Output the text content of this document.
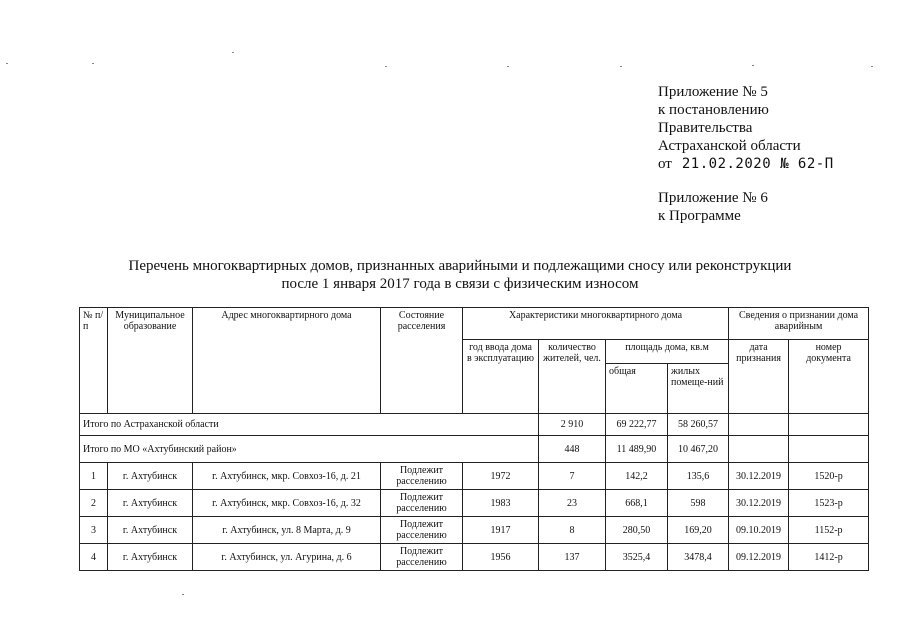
Приложение № 5
к постановлению
Правительства
Астраханской области
от 21.02.2020 № 62-П
Приложение № 6
к Программе
Перечень многоквартирных домов, признанных аварийными и подлежащими сносу или реконструкции
после 1 января 2017 года в связи с физическим износом
№ п/п	Муниципальное образование	Адрес многоквартирного дома	Состояние расселения	Характеристики многоквартирного дома				Сведения о признании дома аварийным	
				год ввода дома в эксплуатацию	количество жителей, чел.	площадь дома, кв.м		дата признания	номер документа
						общая	жилых помеще-ний		
Итого по Астраханской области					2 910	69 222,77	58 260,57		
Итого по МО «Ахтубинский район»					448	11 489,90	10 467,20		
1	г. Ахтубинск	г. Ахтубинск, мкр. Совхоз-16, д. 21	Подлежит расселению	1972	7	142,2	135,6	30.12.2019	1520-р
2	г. Ахтубинск	г. Ахтубинск, мкр. Совхоз-16, д. 32	Подлежит расселению	1983	23	668,1	598	30.12.2019	1523-р
3	г. Ахтубинск	г. Ахтубинск, ул. 8 Марта, д. 9	Подлежит расселению	1917	8	280,50	169,20	09.10.2019	1152-р
4	г. Ахтубинск	г. Ахтубинск, ул. Агурина, д. 6	Подлежит расселению	1956	137	3525,4	3478,4	09.12.2019	1412-р
